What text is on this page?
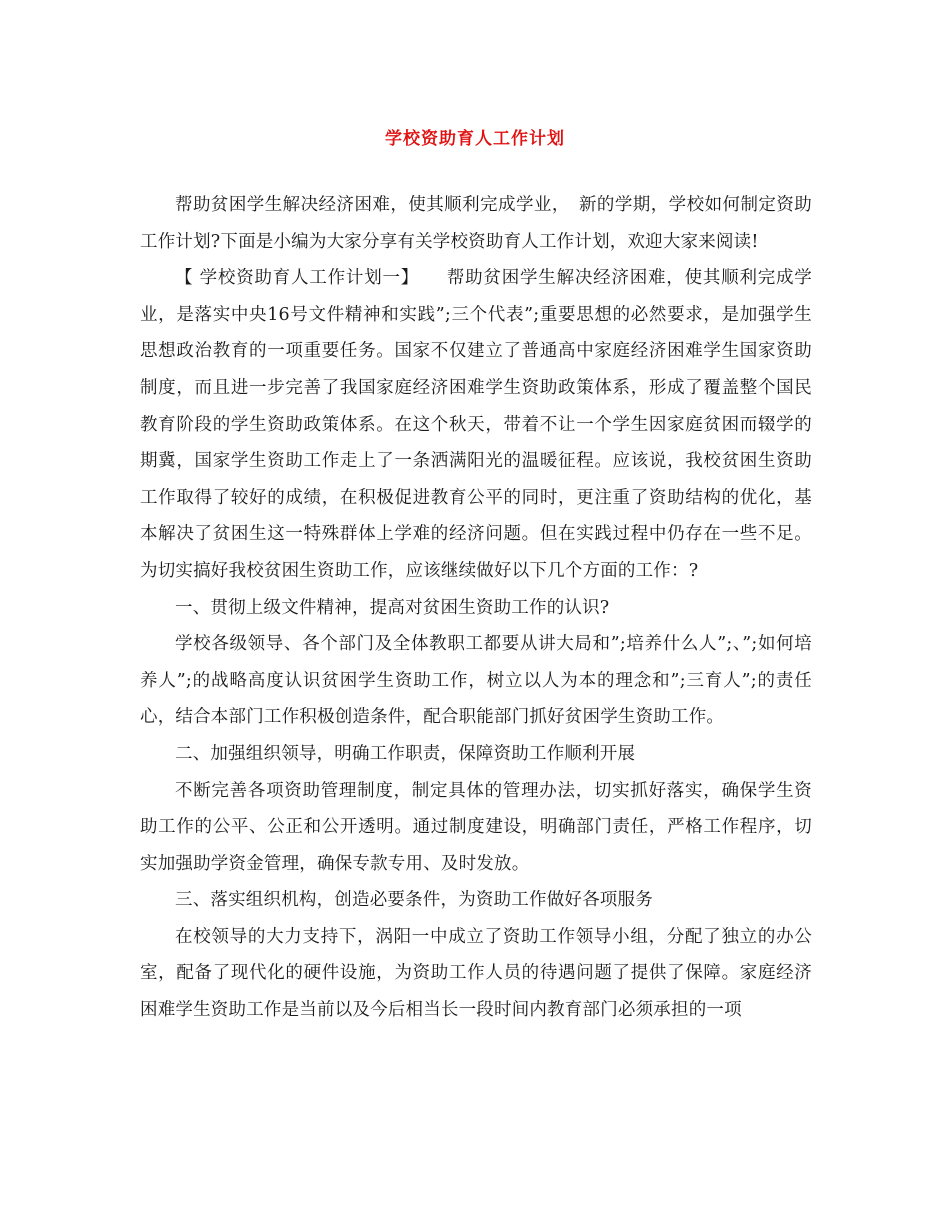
学校资助育人工作计划

帮助贫困学生解决经济困难，使其顺利完成学业，　新的学期，学校如何制定资助工作计划?下面是小编为大家分享有关学校资助育人工作计划，欢迎大家来阅读!

【 学校资助育人工作计划一】　　帮助贫困学生解决经济困难，使其顺利完成学业，是落实中央16号文件精神和实践”;三个代表”;重要思想的必然要求，是加强学生思想政治教育的一项重要任务。国家不仅建立了普通高中家庭经济困难学生国家资助制度，而且进一步完善了我国家庭经济困难学生资助政策体系，形成了覆盖整个国民教育阶段的学生资助政策体系。在这个秋天，带着不让一个学生因家庭贫困而辍学的期冀，国家学生资助工作走上了一条洒满阳光的温暖征程。应该说，我校贫困生资助工作取得了较好的成绩，在积极促进教育公平的同时，更注重了资助结构的优化，基本解决了贫困生这一特殊群体上学难的经济问题。但在实践过程中仍存在一些不足。为切实搞好我校贫困生资助工作，应该继续做好以下几个方面的工作：?

一、贯彻上级文件精神，提高对贫困生资助工作的认识?

学校各级领导、各个部门及全体教职工都要从讲大局和”;培养什么人”;、”;如何培养人”;的战略高度认识贫困学生资助工作，树立以人为本的理念和”;三育人”;的责任心，结合本部门工作积极创造条件，配合职能部门抓好贫困学生资助工作。

二、加强组织领导，明确工作职责，保障资助工作顺利开展

不断完善各项资助管理制度，制定具体的管理办法，切实抓好落实，确保学生资助工作的公平、公正和公开透明。通过制度建设，明确部门责任，严格工作程序，切实加强助学资金管理，确保专款专用、及时发放。

三、落实组织机构，创造必要条件，为资助工作做好各项服务

在校领导的大力支持下，涡阳一中成立了资助工作领导小组，分配了独立的办公室，配备了现代化的硬件设施，为资助工作人员的待遇问题了提供了保障。家庭经济困难学生资助工作是当前以及今后相当长一段时间内教育部门必须承担的一项
